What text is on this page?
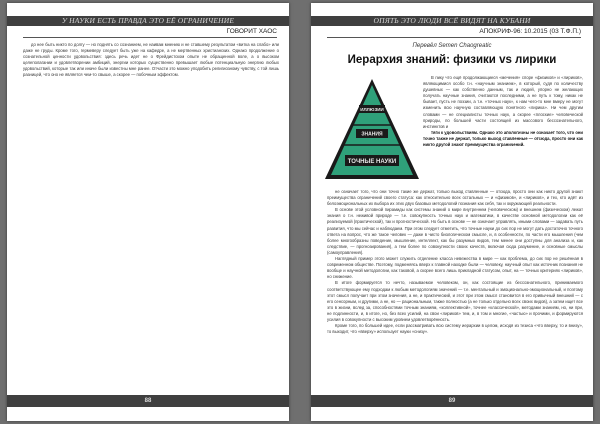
У НАУКИ ЕСТЬ ПРАВДА ЭТО ЕЁ ОГРАНИЧЕНИЕ
ГОВОРИТ ХАОС

до нее быть никто по долгу — но поднять со сознанием, не наивам мнению и не ставшему результатом «витка на слабо» или даже не груды. Кроме того, гермеверу следует быть уже на кафедре, а не мертвенных христианских. Однако продолжение о сознательной ценности удовольствия: здесь речь идет не о Фрейдистском опыте не обращенной воле, а о высоком целеполагании и удовлетворении амбиций, энергии которых существенно превышает любые потенциальную энергию любых удовольствий, которые так или иначе были известны мне ранее. Отчасти это можно уподобить религиозному чувству, с той лишь разницей, что оно не является чем-то свыше, а скорее — побочным эффектом.

88
ОПЯТЬ ЭТО ЛЮДИ ВСЁ ВИДЯТ НА КУБАНИ
АПОКРИФ-96: 10.2015 (03 Т.Ф.П.)
Перевёл Semen Chaogreatic
Иерархия знаний: физики vs лирики
ИЛЛЮЗИИ
ЗНАНИЯ
ТОЧНЫЕ НАУКИ

В пику что ещё продолжающиеся «мечения» споре «физиков» и «лириков», являющимися особо т.н. «научным знанием», в который, судя по количеству душевных — как собственно данным, так и людей, упорно не желающих получать научные знания, считаются последними, а не путь к тому, никак не бывает, пусть не поэзии, а т.н. «точных наук», к нам чего-то мне вмеру не могут изменить всю научную составляющую понятного «лирика». Ни чем другим словами — не специалисты точных наук, а скорее «плоские» человеческой природы, по большей части состоящей из массового бессознательного, инстинктов и

тяги к удовольствиям. Однако это апологичны не означает того, что они точно также не держат, только выход ставленные — отсюда, просто они как никто другой знают преимущества ограничений.

не означает того, что они точно такие же держат, только выход ставленные — отсюда, просто они как никто другой знают преимущества ограничений своего статуса: как относительно всех остальных — и «физиков», и «лириков», и тех, кто идёт из белоэмоциональных их выбора их этих двух базовых методологий познания как себя, так и окружающей реальности.

В основе этой условной пирамиды как системы знаний о мире внутреннем (человеческом) и внешнем (физическом) лежат знания о т.н. неживой природе — т.е. совокупность точных наук и математики, в качестве основной методологии как её реализуемой (практической), так и прогностической. Но быть в основе — не означает управлять, иными словами — задавать путь развития, что мы сейчас и наблюдаем. При этом следует отметить, что точные науки до сих пор не могут дать достаточно точного ответа на вопрос, что же такое человек — даже в чисто биологическом смысле, и, в особенности, по части его мышления (чем более многообразны поведение, мышление, интеллект, как бы разумных видов, тем менее они доступны для анализа и, как следствие, — прогнозирования), а тем более по совокупности своих качеств, включая сюда разумение, и основные смыслы (самоуправления).

Наглядный пример этого может служить отделение класса невежества в мире — как проблема, до сих пор не решённая в современном обществе. Поэтому, подменяясь вверх к главной находке были — человеку, научный опыт как источник познания не вообще и научной методологии, как таковой, а скорее всего лишь прикладной статусом, опыт, на — точных критериях «лириков», но снижение.

В итоге формируется то нечто, называемое человеком, он, как состоящие из бессознательного, принимаемого соответствующее ему подходам к любым методологиям значений — т.е. ментальный и эмоционально-эмоциональный, и поэтому этот смысл получает при этом значения, а не, и практический, и этот при этом смысл становится в его привычный внешний — с его сенсорным, и другими, а не, но — рациональным, также полностью (а не только отдельно всех своих видов), а затем ищет все это в жизни, вслед за, способностями точным знаниям, «коллективной», точнее «классической», методами знаниям, но, ни при, не подлинности, и, в итоге, но, без всех усилий, на свои «лириков» тем, и, в том и многие, «частью» и прочими, и формируются усилия в совокупности с высоким уровнем удовлетворённость.

Кроме того, по большей идее, если рассматривать всю систему иерархии в целом, исходя из тезиса «что вверху, то и внизу», то выходит, что «вверху» использует науки «снизу».

89
